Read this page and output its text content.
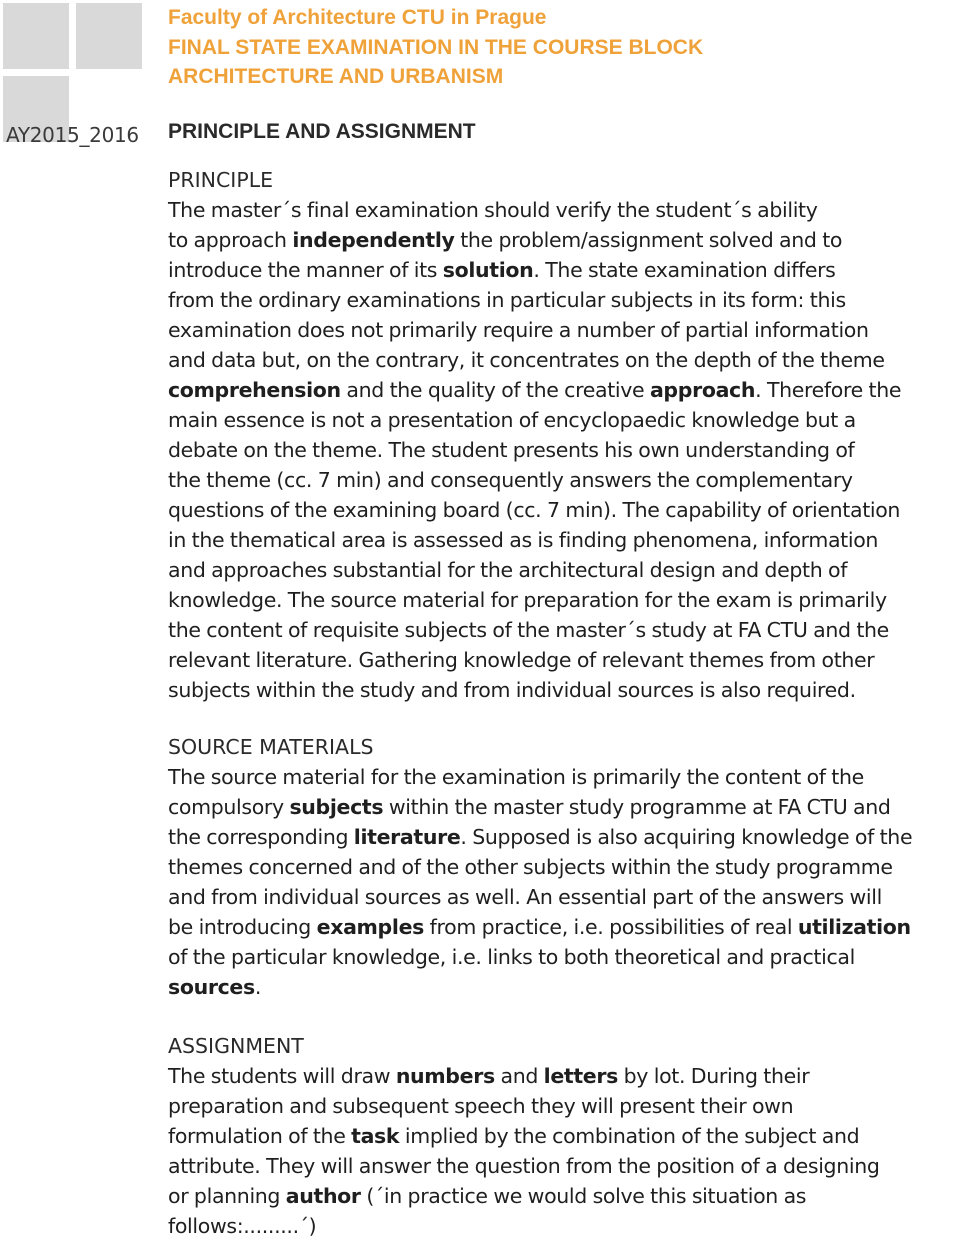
AY2015_2016
Faculty of Architecture CTU in Prague
FINAL STATE EXAMINATION IN THE COURSE BLOCK
ARCHITECTURE AND URBANISM
PRINCIPLE AND ASSIGNMENT
PRINCIPLE

The master´s final examination should verify the student´s ability
to approach independently the problem/assignment solved and to
introduce the manner of its solution. The state examination differs
from the ordinary examinations in particular subjects in its form: this
examination does not primarily require a number of partial information
and data but, on the contrary, it concentrates on the depth of the theme
comprehension and the quality of the creative approach. Therefore the
main essence is not a presentation of encyclopaedic knowledge but a
debate on the theme. The student presents his own understanding of
the theme (cc. 7 min) and consequently answers the complementary
questions of the examining board (cc. 7 min). The capability of orientation
in the thematical area is assessed as is finding phenomena, information
and approaches substantial for the architectural design and depth of
knowledge. The source material for preparation for the exam is primarily
the content of requisite subjects of the master´s study at FA CTU and the
relevant literature. Gathering knowledge of relevant themes from other
subjects within the study and from individual sources is also required.

SOURCE MATERIALS

The source material for the examination is primarily the content of the
compulsory subjects within the master study programme at FA CTU and
the corresponding literature. Supposed is also acquiring knowledge of the
themes concerned and of the other subjects within the study programme
and from individual sources as well. An essential part of the answers will
be introducing examples from practice, i.e. possibilities of real utilization
of the particular knowledge, i.e. links to both theoretical and practical
sources.

ASSIGNMENT

The students will draw numbers and letters by lot. During their
preparation and subsequent speech they will present their own
formulation of the task implied by the combination of the subject and
attribute. They will answer the question from the position of a designing
or planning author (´in practice we would solve this situation as
follows:.........´)
